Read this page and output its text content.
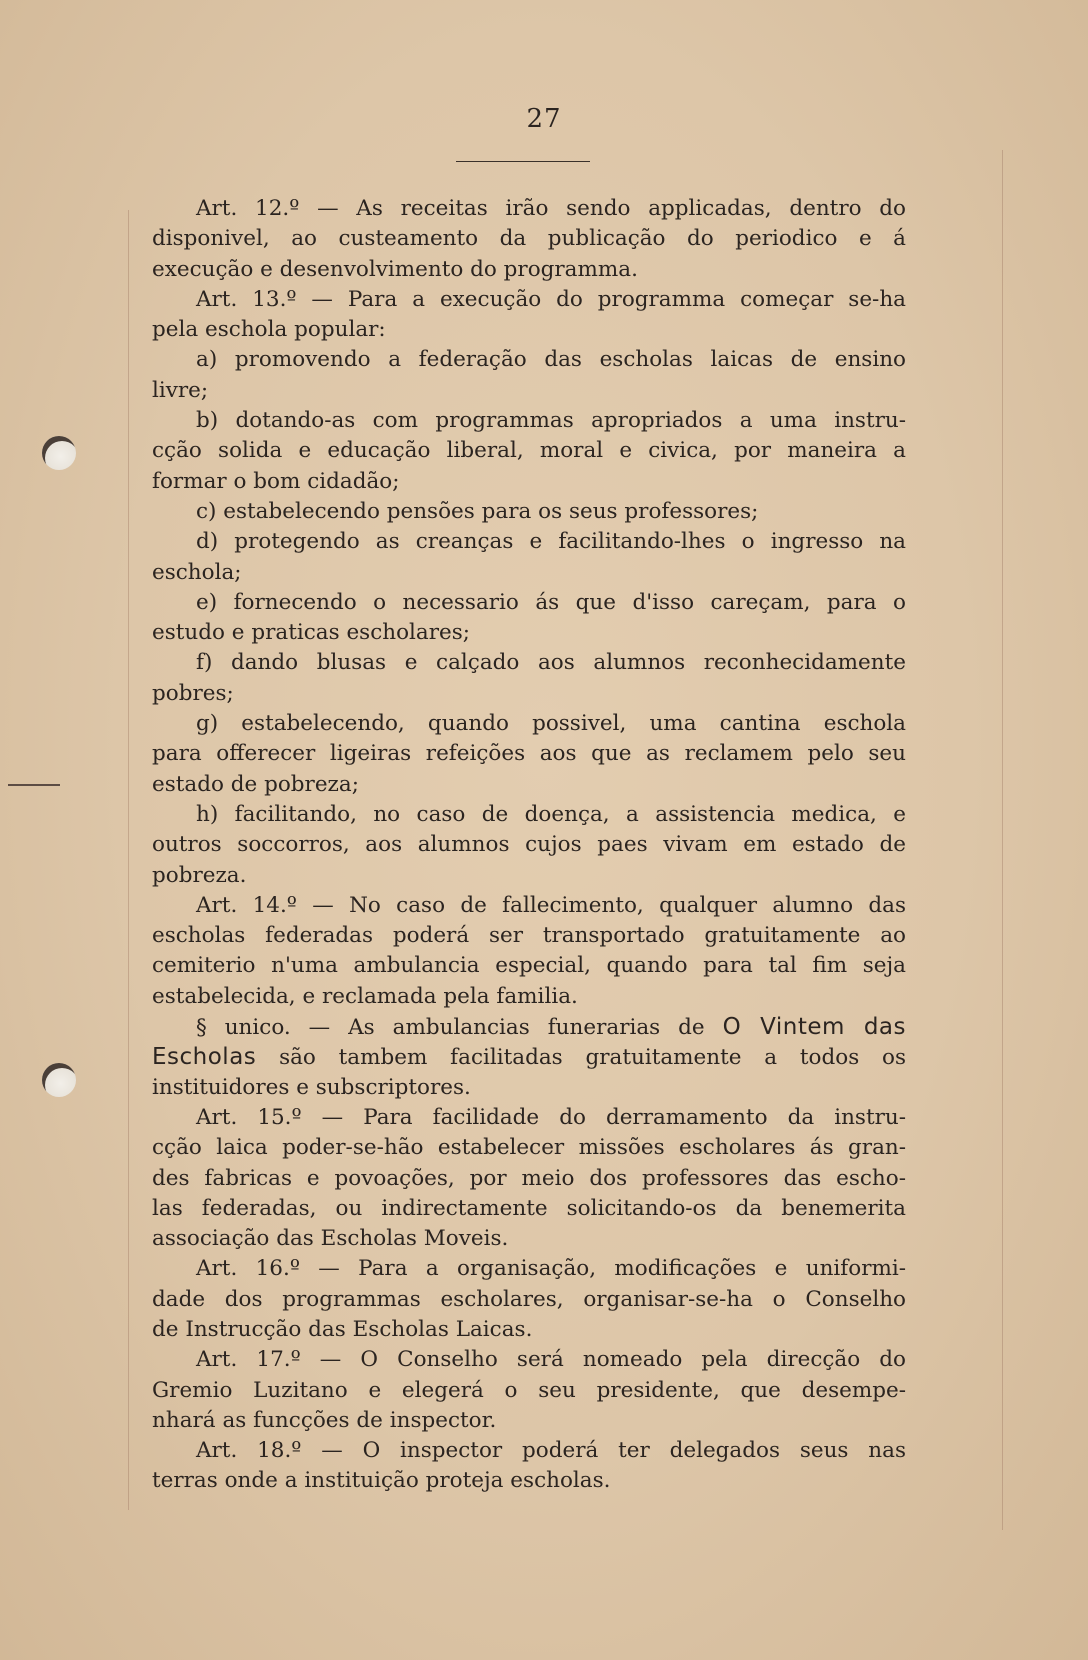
27
Art. 12.º — As receitas irão sendo applicadas, dentro do
disponivel, ao custeamento da publicação do periodico e á
execução e desenvolvimento do programma.
Art. 13.º — Para a execução do programma começar se-ha
pela eschola popular:
a) promovendo a federação das escholas laicas de ensino
livre;
b) dotando-as com programmas apropriados a uma instru-
cção solida e educação liberal, moral e civica, por maneira a
formar o bom cidadão;
c) estabelecendo pensões para os seus professores;
d) protegendo as creanças e facilitando-lhes o ingresso na
eschola;
e) fornecendo o necessario ás que d'isso careçam, para o
estudo e praticas escholares;
f) dando blusas e calçado aos alumnos reconhecidamente
pobres;
g) estabelecendo, quando possivel, uma cantina eschola
para offerecer ligeiras refeições aos que as reclamem pelo seu
estado de pobreza;
h) facilitando, no caso de doença, a assistencia medica, e
outros soccorros, aos alumnos cujos paes vivam em estado de
pobreza.
Art. 14.º — No caso de fallecimento, qualquer alumno das
escholas federadas poderá ser transportado gratuitamente ao
cemiterio n'uma ambulancia especial, quando para tal fim seja
estabelecida, e reclamada pela familia.
§ unico. — As ambulancias funerarias de O Vintem das
Escholas são tambem facilitadas gratuitamente a todos os
instituidores e subscriptores.
Art. 15.º — Para facilidade do derramamento da instru-
cção laica poder-se-hão estabelecer missões escholares ás gran-
des fabricas e povoações, por meio dos professores das escho-
las federadas, ou indirectamente solicitando-os da benemerita
associação das Escholas Moveis.
Art. 16.º — Para a organisação, modificações e uniformi-
dade dos programmas escholares, organisar-se-ha o Conselho
de Instrucção das Escholas Laicas.
Art. 17.º — O Conselho será nomeado pela direcção do
Gremio Luzitano e elegerá o seu presidente, que desempe-
nhará as funcções de inspector.
Art. 18.º — O inspector poderá ter delegados seus nas
terras onde a instituição proteja escholas.
